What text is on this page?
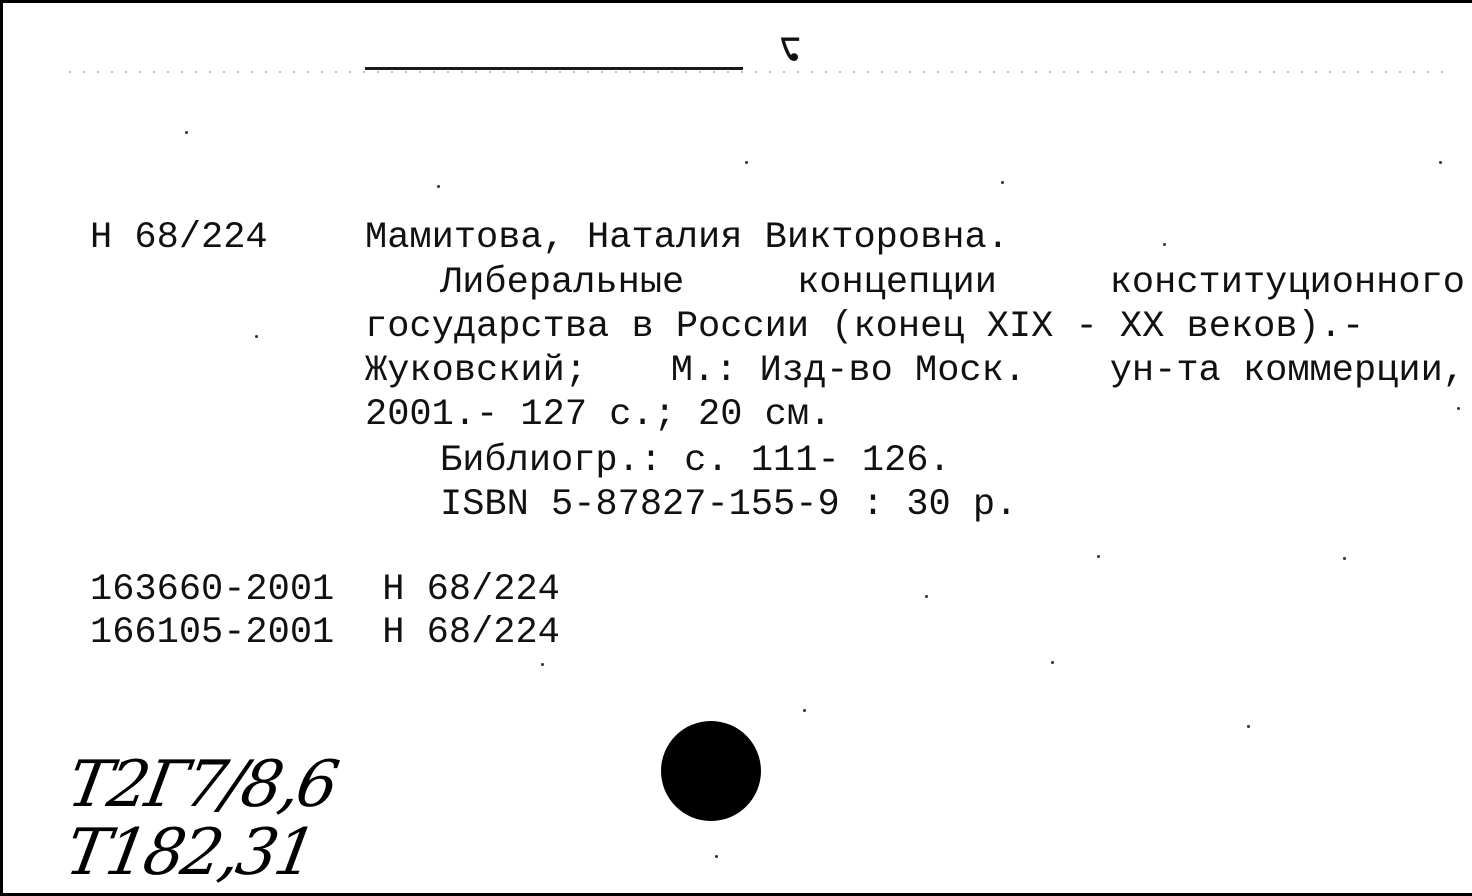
ᢏ
Н 68/224	Мамитова, Наталия Викторовна.
Либеральные	концепции	конституционного
государства в России (конец XIX - XX веков).-
Жуковский; М.: Изд-во Моск. ун-та коммерции,
2001.- 127 с.; 20 см.
Библиогр.: с. 111- 126.
ISBN 5-87827-155-9 : 30 р.
163660-2001 Н 68/224
166105-2001 Н 68/224
Т2Г7/8,6
Т182,31
